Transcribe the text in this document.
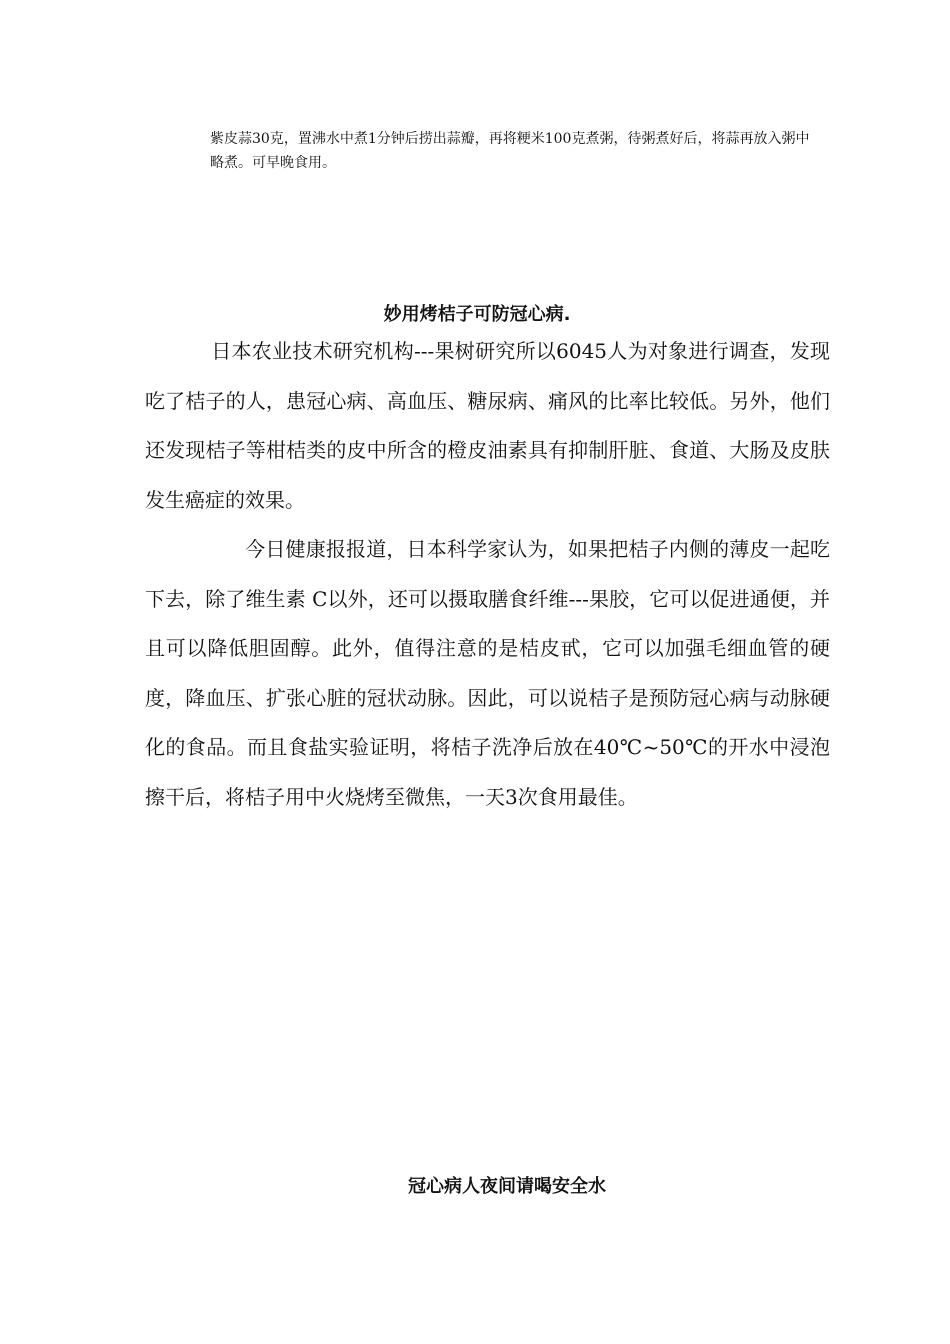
紫皮蒜30克，置沸水中煮1分钟后捞出蒜瓣，再将粳米100克煮粥，待粥煮好后，将蒜再放入粥中略煮。可早晚食用。

妙用烤桔子可防冠心病.

日本农业技术研究机构---果树研究所以6045人为对象进行调查，发现吃了桔子的人，患冠心病、高血压、糖尿病、痛风的比率比较低。另外，他们还发现桔子等柑桔类的皮中所含的橙皮油素具有抑制肝脏、食道、大肠及皮肤发生癌症的效果。

今日健康报报道，日本科学家认为，如果把桔子内侧的薄皮一起吃下去，除了维生素 C以外，还可以摄取膳食纤维---果胶，它可以促进通便，并且可以降低胆固醇。此外，值得注意的是桔皮甙，它可以加强毛细血管的硬度，降血压、扩张心脏的冠状动脉。因此，可以说桔子是预防冠心病与动脉硬化的食品。而且食盐实验证明，将桔子洗净后放在40℃~50℃的开水中浸泡擦干后，将桔子用中火烧烤至微焦，一天3次食用最佳。

冠心病人夜间请喝安全水
